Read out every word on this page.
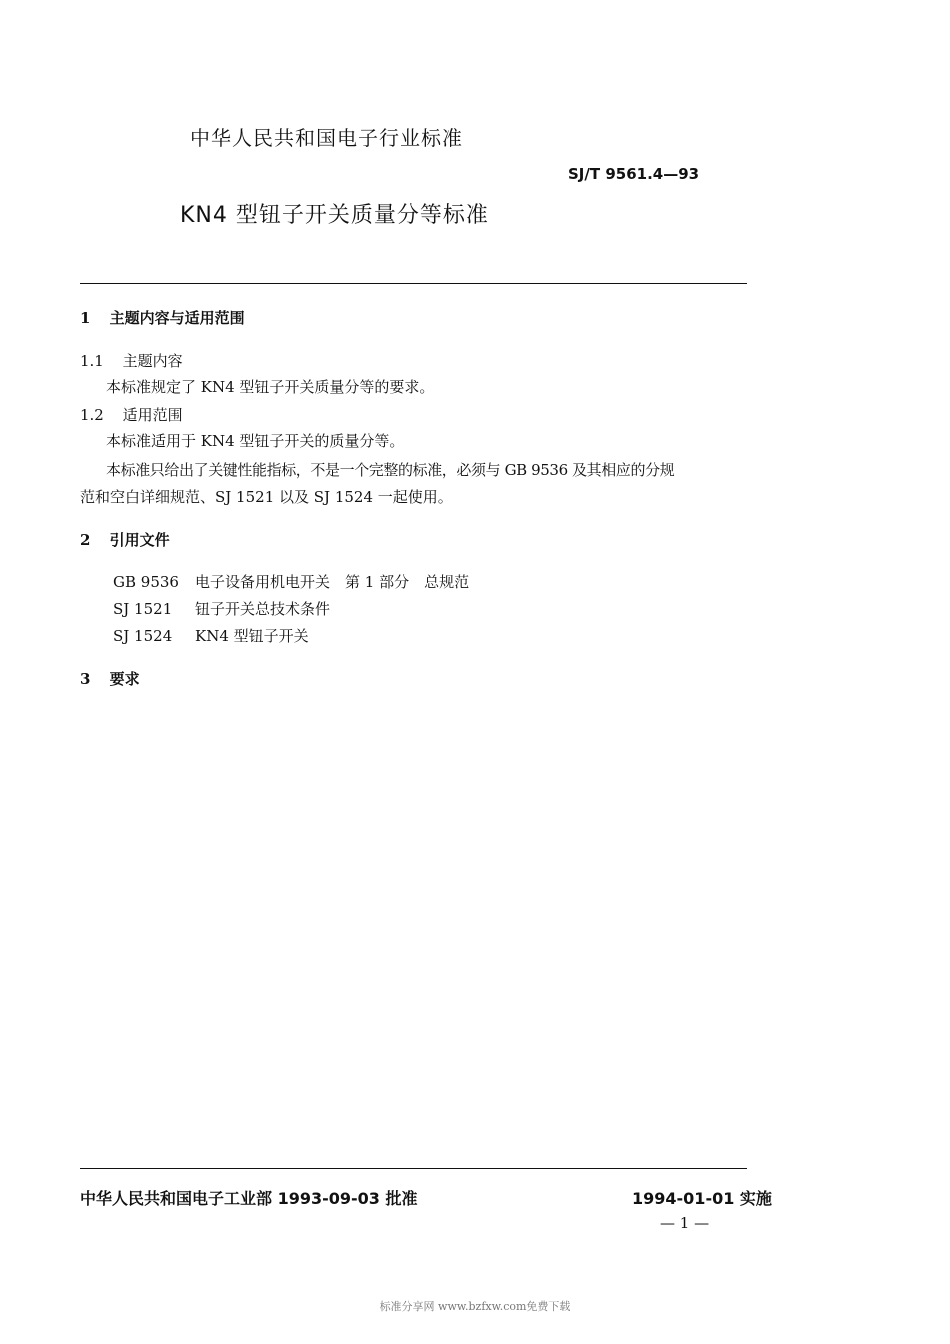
中华人民共和国电子行业标准
SJ/T 9561.4—93
KN4 型钮子开关质量分等标准
1 主题内容与适用范围
1.1 主题内容
本标准规定了 KN4 型钮子开关质量分等的要求。
1.2 适用范围
本标准适用于 KN4 型钮子开关的质量分等。
本标准只给出了关键性能指标，不是一个完整的标准，必须与 GB 9536 及其相应的分规
范和空白详细规范、SJ 1521 以及 SJ 1524 一起使用。
2 引用文件
GB 9536 电子设备用机电开关　第 1 部分　总规范
SJ 1521 钮子开关总技术条件
SJ 1524 KN4 型钮子开关
3 要求
中华人民共和国电子工业部 1993-09-03 批准	1994-01-01 实施
— 1 —
标准分享网 www.bzfxw.com免费下载
